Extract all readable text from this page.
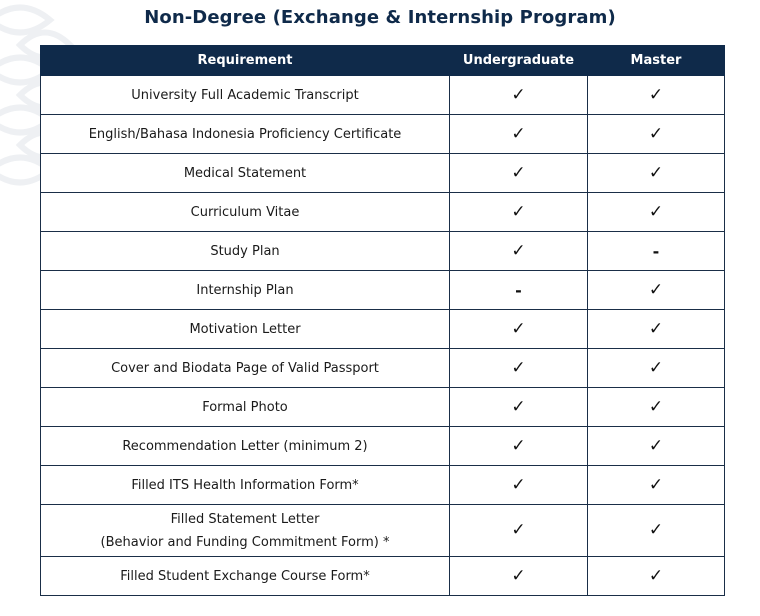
Non-Degree (Exchange & Internship Program)
Requirement	Undergraduate	Master
University Full Academic Transcript	✓	✓
English/Bahasa Indonesia Proficiency Certificate	✓	✓
Medical Statement	✓	✓
Curriculum Vitae	✓	✓
Study Plan	✓	-
Internship Plan	-	✓
Motivation Letter	✓	✓
Cover and Biodata Page of Valid Passport	✓	✓
Formal Photo	✓	✓
Recommendation Letter (minimum 2)	✓	✓
Filled ITS Health Information Form*	✓	✓

Filled Statement Letter
(Behavior and Funding Commitment Form) *	✓	✓
Filled Student Exchange Course Form*	✓	✓
